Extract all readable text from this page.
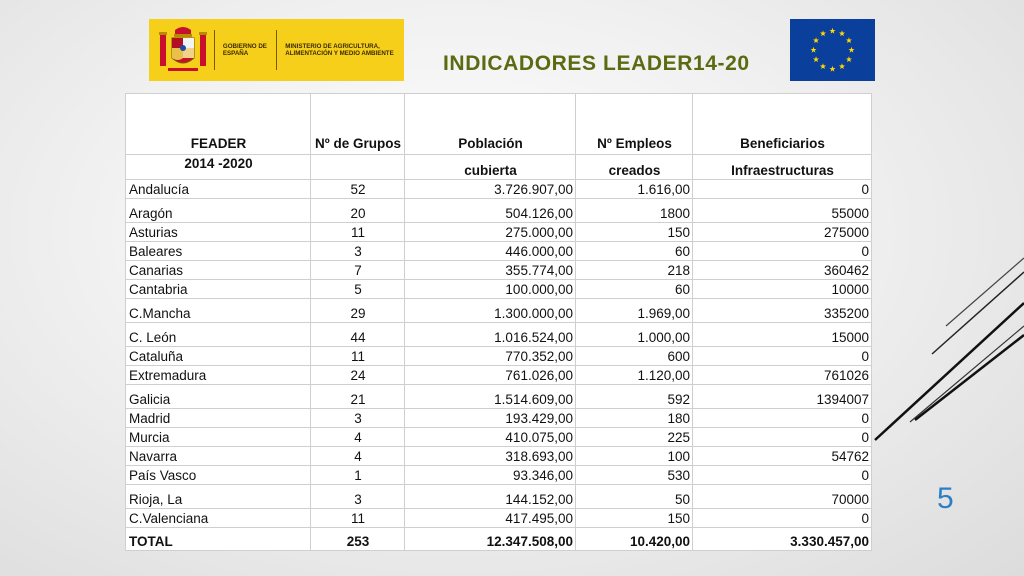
GOBIERNO DE ESPAÑA
MINISTERIO DE AGRICULTURA, ALIMENTACIÓN Y MEDIO AMBIENTE	INDICADORES LEADER14-20
FEADER	Nº de Grupos	Población	Nº Empleos	Beneficiarios
2014 -2020		cubierta	creados	Infraestructuras
Andalucía	52	3.726.907,00	1.616,00	0
Aragón	20	504.126,00	1800	55000
Asturias	11	275.000,00	150	275000
Baleares	3	446.000,00	60	0
Canarias	7	355.774,00	218	360462
Cantabria	5	100.000,00	60	10000
C.Mancha	29	1.300.000,00	1.969,00	335200
C. León	44	1.016.524,00	1.000,00	15000
Cataluña	11	770.352,00	600	0
Extremadura	24	761.026,00	1.120,00	761026
Galicia	21	1.514.609,00	592	1394007
Madrid	3	193.429,00	180	0
Murcia	4	410.075,00	225	0
Navarra	4	318.693,00	100	54762
País Vasco	1	93.346,00	530	0
Rioja, La	3	144.152,00	50	70000
C.Valenciana	11	417.495,00	150	0
TOTAL	253	12.347.508,00	10.420,00	3.330.457,00
5
